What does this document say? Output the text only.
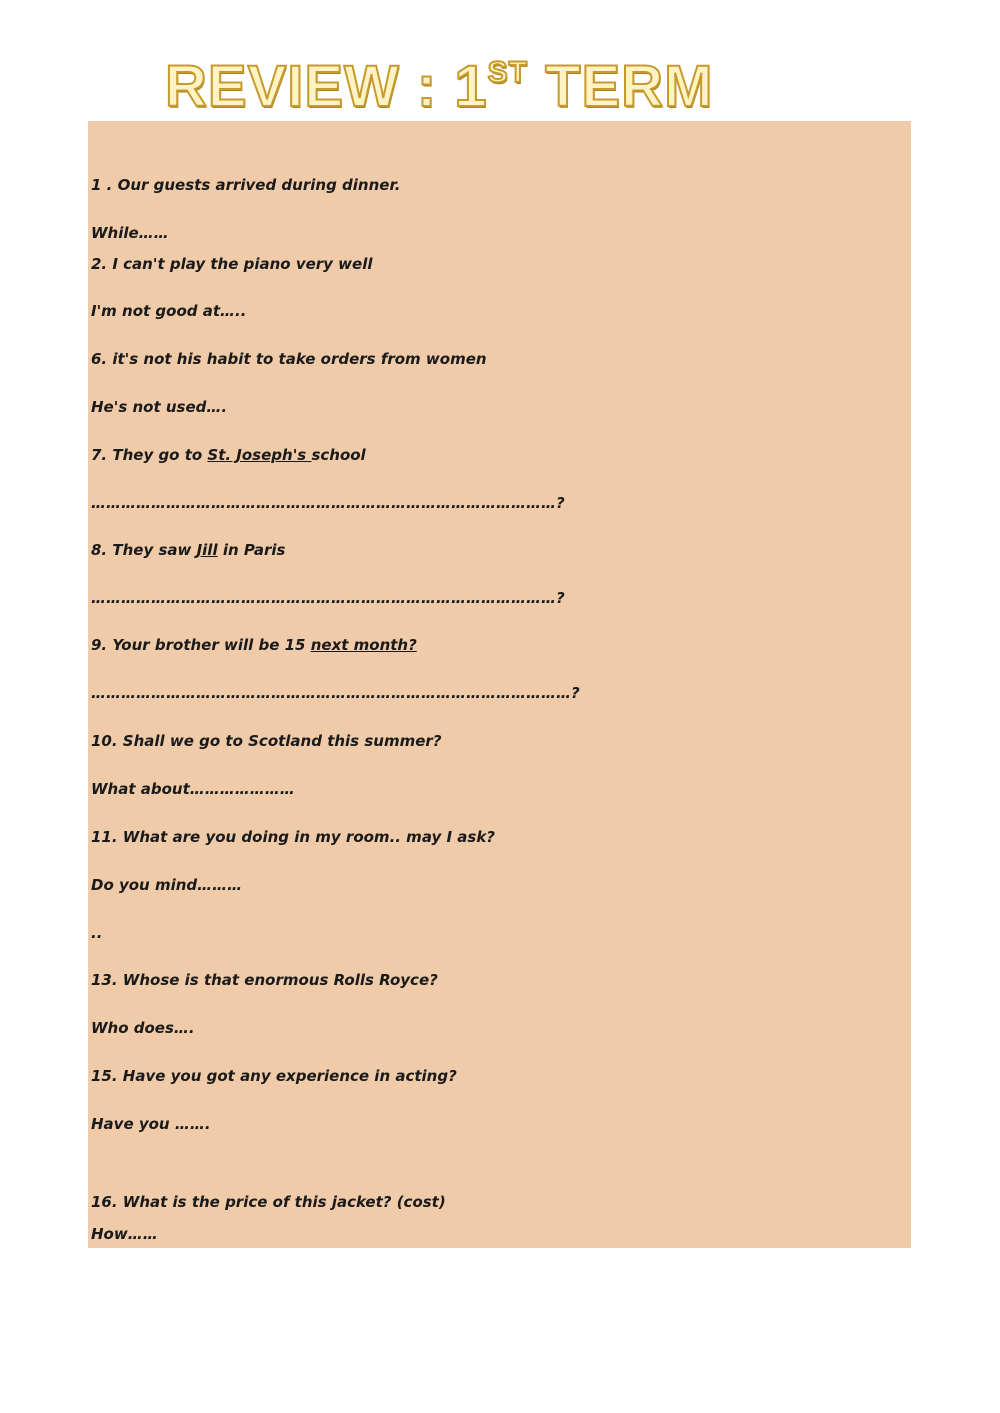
REVIEW : 1ST TERM

1 . Our guests arrived during dinner.

While……

2. I can't play the piano very well

I'm not good at…..

6. it's not his habit to take orders from women

He's not used….

7. They go to St. Joseph's school

…………………………………………………………………………………?

8. They saw Jill in Paris

…………………………………………………………………………………?

9. Your brother will be 15 next month?

……………………………………………………………………………………?

10. Shall we go to Scotland this summer?

What about…………………

11. What are you doing in my room.. may I ask?

Do you mind………

..

13. Whose is that enormous Rolls Royce?

Who does….

15. Have you got any experience in acting?

Have you …….

16. What is the price of this jacket? (cost)

How……
